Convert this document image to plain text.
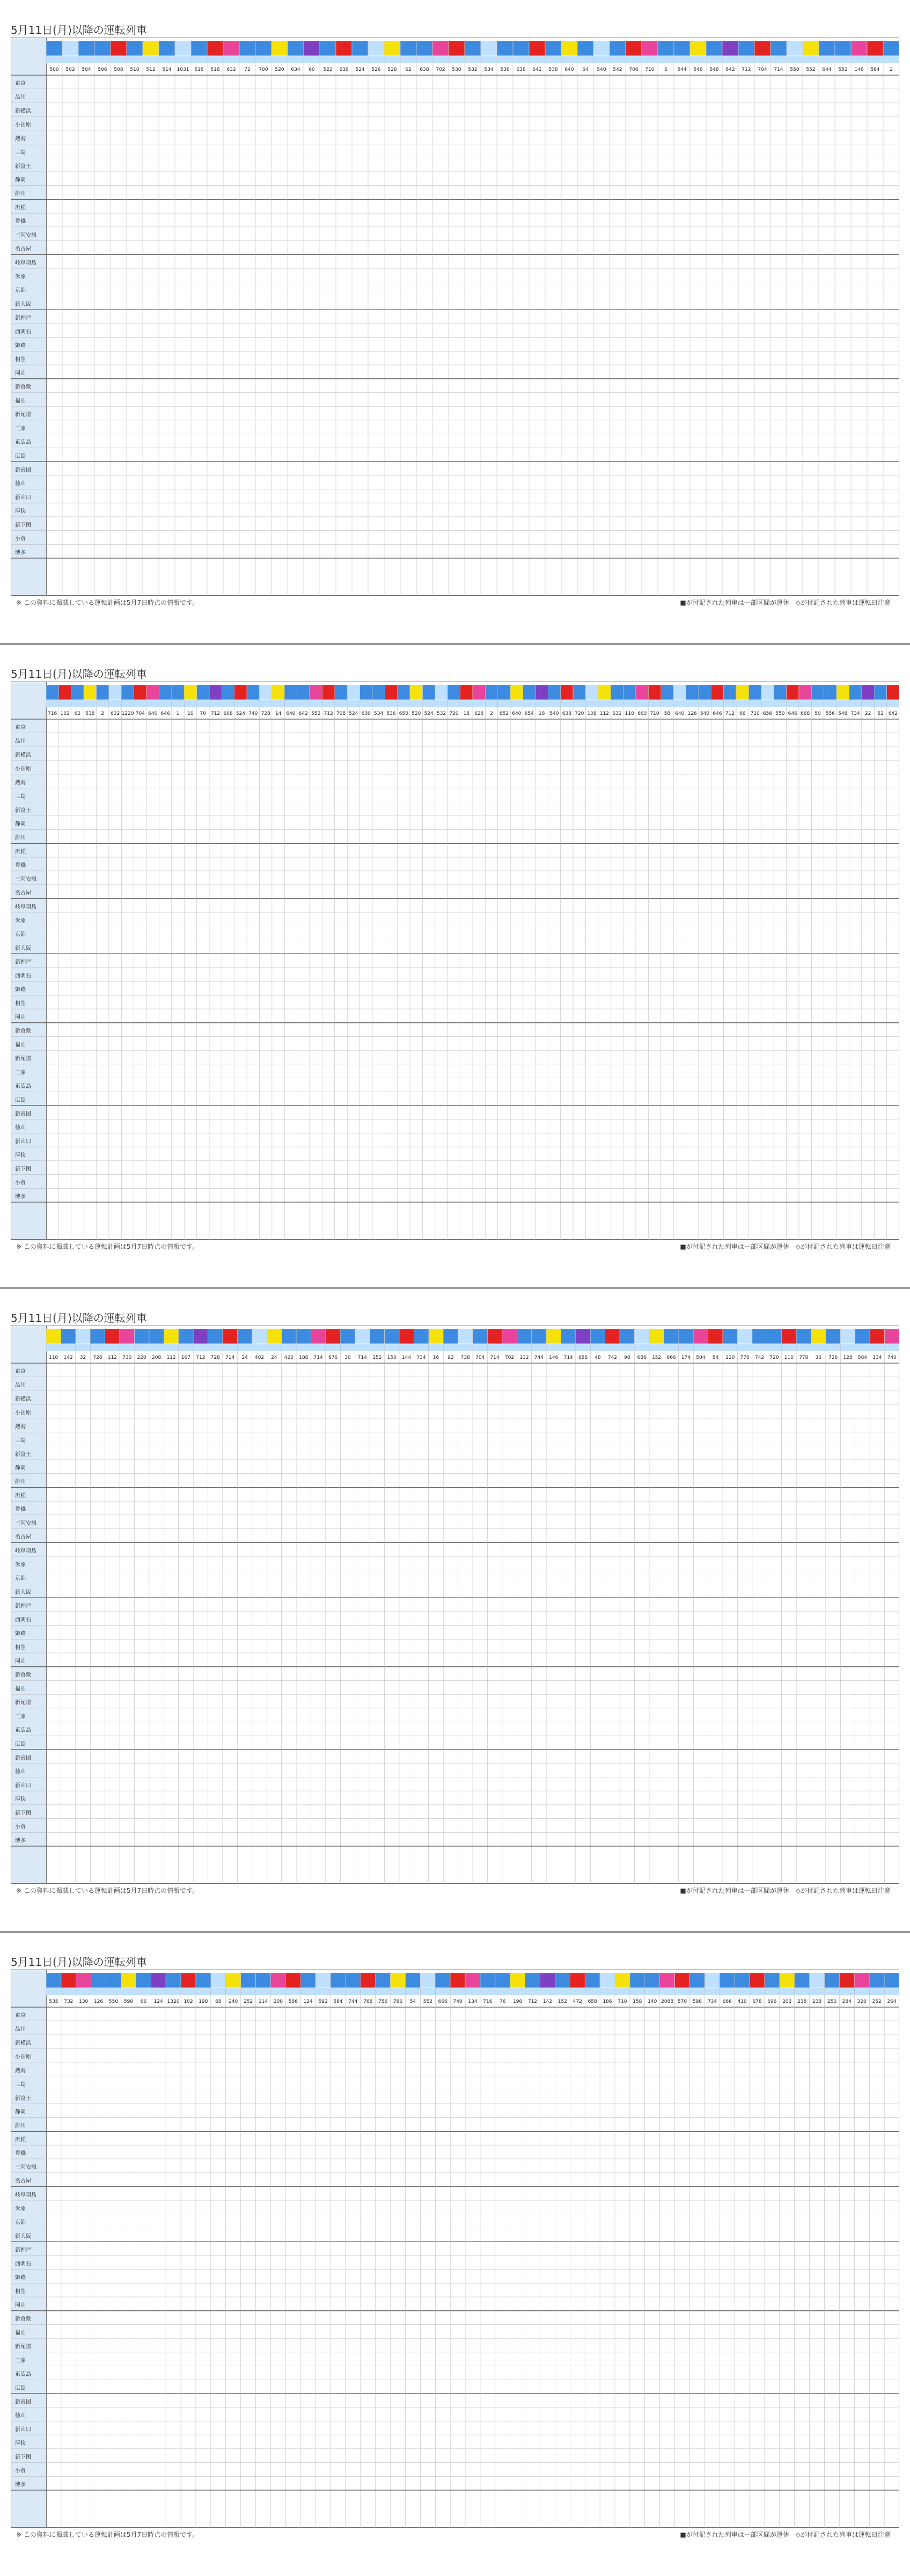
5月11日(月)以降の運転列車
500 502 504 506 508 510 512 514 1031 516 518 632 72 700 520 634 60 522 636 524 526 528 62 638 702 530 532 534 536 638 642 538 640 64 540 542 706 710 6 544 546 548 642 712 704 714 550 552 644 552 146 564 2
東京
品川
新横浜
小田原
熱海
三島
新富士
静岡
掛川
浜松
豊橋
三河安城
名古屋
岐阜羽島
米原
京都
新大阪
新神戸
西明石
姫路
相生
岡山
新倉敷
福山
新尾道
三原
東広島
広島
新岩国
徳山
新山口
厚狭
新下関
小倉
博多
※ この資料に掲載している運転計画は5月7日時点の情報です。	■が付記された列車は一部区間が運休　 ◇が付記された列車は運転日注意
5月11日(月)以降の運転列車
716 102 62 538 2 632 1220 704 640 646 1 10 70 712 608 524 740 728 14 640 642 552 712 708 524 600 534 536 650 520 524 532 720 18 628 2 652 640 654 18 540 638 720 108 112 632 110 660 710 58 640 126 540 646 712 66 710 656 550 646 668 50 556 548 734 22 52 642
東京
品川
新横浜
小田原
熱海
三島
新富士
静岡
掛川
浜松
豊橋
三河安城
名古屋
岐阜羽島
米原
京都
新大阪
新神戸
西明石
姫路
相生
岡山
新倉敷
福山
新尾道
三原
東広島
広島
新岩国
徳山
新山口
厚狭
新下関
小倉
博多
※ この資料に掲載している運転計画は5月7日時点の情報です。	■が付記された列車は一部区間が運休　 ◇が付記された列車は運転日注意
5月11日(月)以降の運転列車
110 142 32 728 112 730 220 208 112 167 712 728 714 24 402 24 420 188 714 676 30 714 152 150 144 734 16 92 738 704 714 702 132 744 146 714 686 48 742 90 686 152 666 174 504 54 110 770 742 720 110 778 36 726 128 584 134 740
東京
品川
新横浜
小田原
熱海
三島
新富士
静岡
掛川
浜松
豊橋
三河安城
名古屋
岐阜羽島
米原
京都
新大阪
新神戸
西明石
姫路
相生
岡山
新倉敷
福山
新尾道
三原
東広島
広島
新岩国
徳山
新山口
厚狭
新下関
小倉
博多
※ この資料に掲載している運転計画は5月7日時点の情報です。	■が付記された列車は一部区間が運休　 ◇が付記された列車は運転日注意
5月11日(月)以降の運転列車
535 732 130 126 550 598 66 124 1320 102 198 68 240 252 114 200 586 124 592 584 744 768 756 786 54 552 666 740 134 716 76 198 712 142 152 472 658 186 710 158 140 2088 570 598 734 666 410 678 696 202 238 238 250 284 320 252 264
東京
品川
新横浜
小田原
熱海
三島
新富士
静岡
掛川
浜松
豊橋
三河安城
名古屋
岐阜羽島
米原
京都
新大阪
新神戸
西明石
姫路
相生
岡山
新倉敷
福山
新尾道
三原
東広島
広島
新岩国
徳山
新山口
厚狭
新下関
小倉
博多
※ この資料に掲載している運転計画は5月7日時点の情報です。	■が付記された列車は一部区間が運休　 ◇が付記された列車は運転日注意
